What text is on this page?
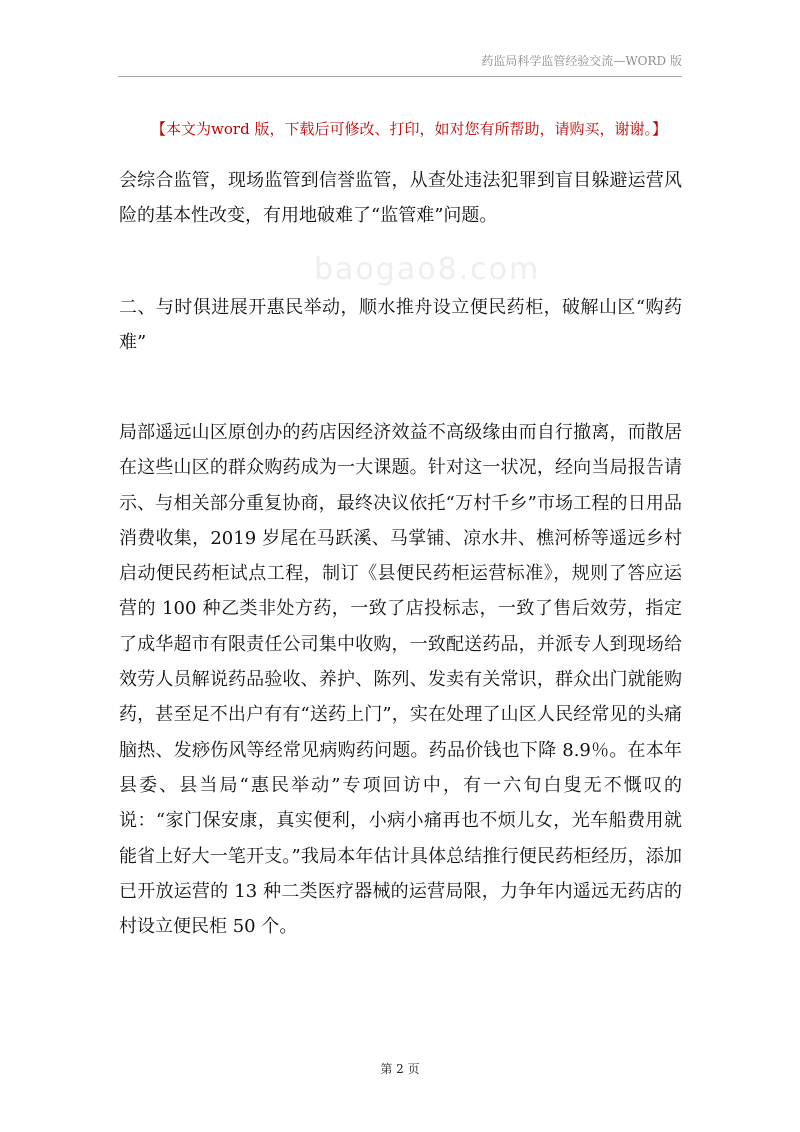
药监局科学监管经验交流—WORD 版
【本文为word 版，下载后可修改、打印，如对您有所帮助，请购买，谢谢。】
baogao8.com
会综合监管，现场监管到信誉监管，从查处违法犯罪到盲目躲避运营风险的基本性改变，有用地破难了“监管难”问题。
二、与时俱进展开惠民举动，顺水推舟设立便民药柜，破解山区“购药难”
局部遥远山区原创办的药店因经济效益不高级缘由而自行撤离，而散居在这些山区的群众购药成为一大课题。针对这一状况，经向当局报告请示、与相关部分重复协商，最终决议依托“万村千乡”市场工程的日用品消费收集，2019 岁尾在马跃溪、马掌铺、凉水井、樵河桥等遥远乡村启动便民药柜试点工程，制订《县便民药柜运营标准》，规则了答应运营的 100 种乙类非处方药，一致了店投标志，一致了售后效劳，指定了成华超市有限责任公司集中收购，一致配送药品，并派专人到现场给效劳人员解说药品验收、养护、陈列、发卖有关常识，群众出门就能购药，甚至足不出户有有“送药上门”，实在处理了山区人民经常见的头痛脑热、发痧伤风等经常见病购药问题。药品价钱也下降 8.9％。在本年县委、县当局“惠民举动”专项回访中，有一六旬白叟无不慨叹的说：“家门保安康，真实便利，小病小痛再也不烦儿女，光车船费用就能省上好大一笔开支。”我局本年估计具体总结推行便民药柜经历，添加已开放运营的 13 种二类医疗器械的运营局限，力争年内遥远无药店的村设立便民柜 50 个。
第 2 页
